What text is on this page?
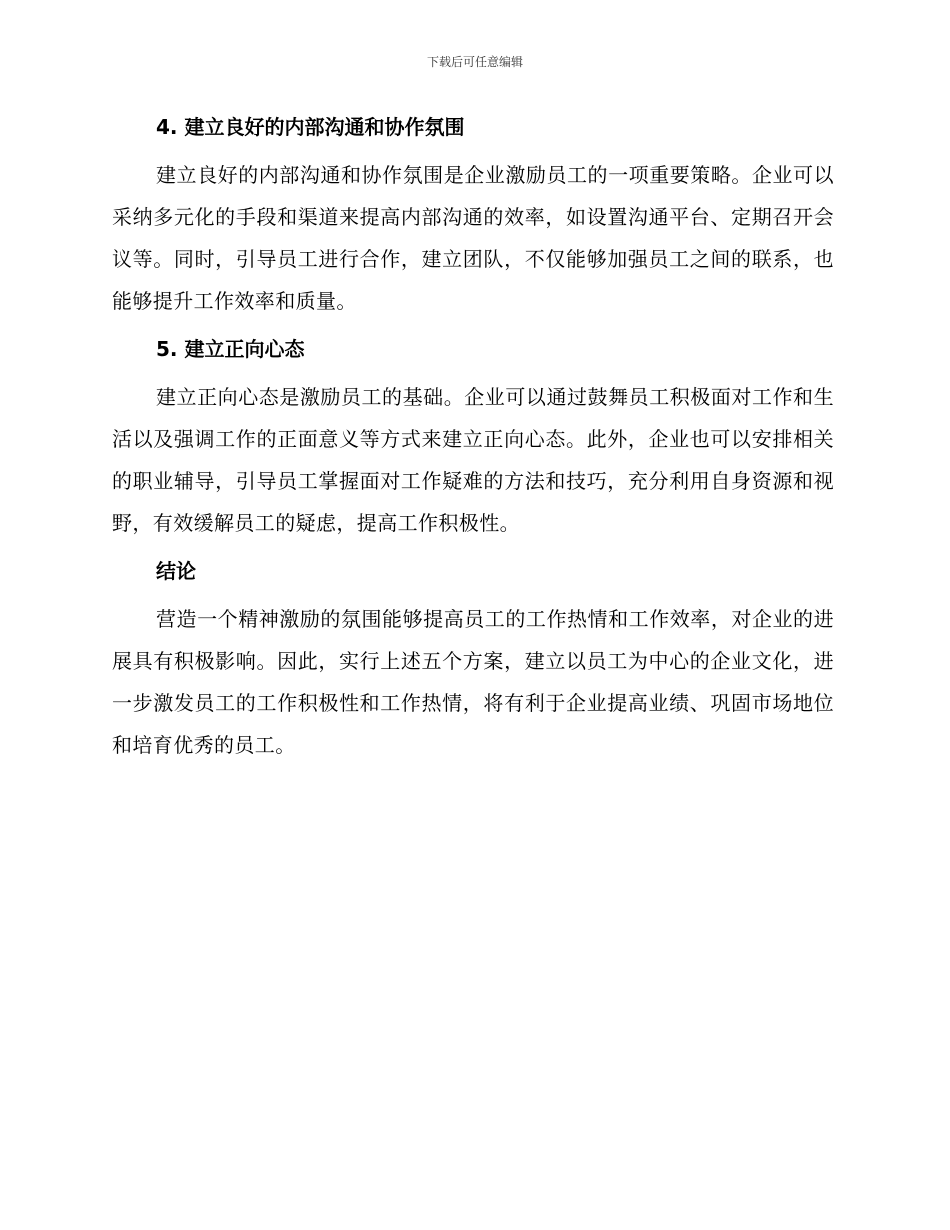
下载后可任意编辑
4. 建立良好的内部沟通和协作氛围

建立良好的内部沟通和协作氛围是企业激励员工的一项重要策略。企业可以采纳多元化的手段和渠道来提高内部沟通的效率，如设置沟通平台、定期召开会议等。同时，引导员工进行合作，建立团队，不仅能够加强员工之间的联系，也能够提升工作效率和质量。

5. 建立正向心态

建立正向心态是激励员工的基础。企业可以通过鼓舞员工积极面对工作和生活以及强调工作的正面意义等方式来建立正向心态。此外，企业也可以安排相关的职业辅导，引导员工掌握面对工作疑难的方法和技巧，充分利用自身资源和视野，有效缓解员工的疑虑，提高工作积极性。

结论

营造一个精神激励的氛围能够提高员工的工作热情和工作效率，对企业的进展具有积极影响。因此，实行上述五个方案，建立以员工为中心的企业文化，进一步激发员工的工作积极性和工作热情，将有利于企业提高业绩、巩固市场地位和培育优秀的员工。
